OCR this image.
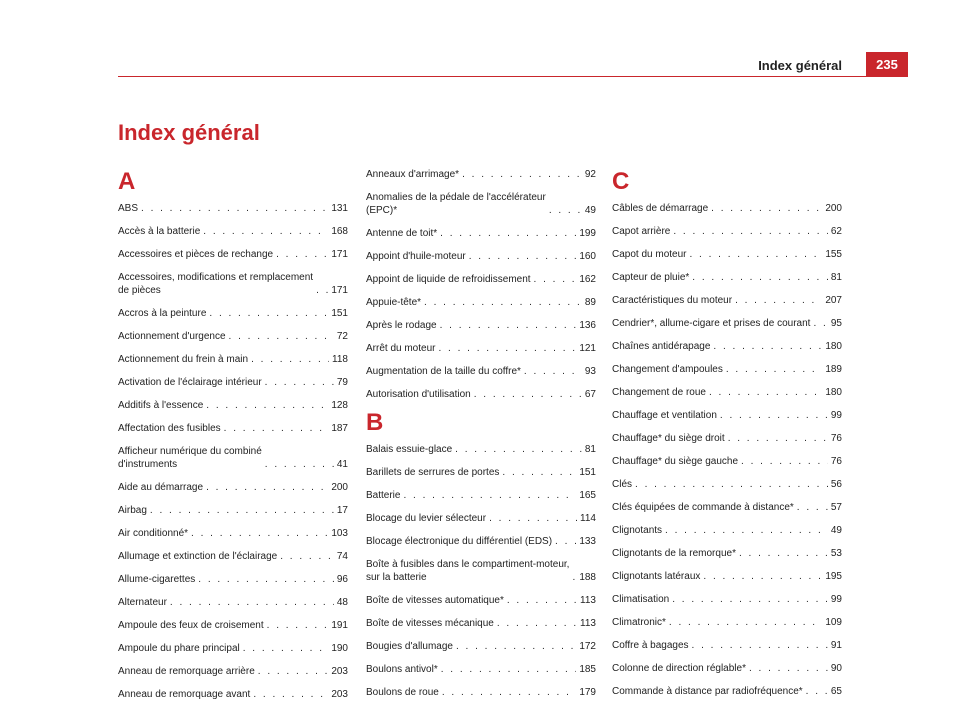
Index général	235
Index général
A
ABS . . .	131
Accès à la batterie . . .	168
Accessoires et pièces de rechange . . .	171
Accessoires, modifications et remplacement
de pièces . . .	171
Accros à la peinture . . .	151
Actionnement d'urgence . . .	72
Actionnement du frein à main . . .	118
Activation de l'éclairage intérieur . . .	79
Additifs à l'essence . . .	128
Affectation des fusibles . . .	187
Afficheur numérique du combiné
d'instruments . . .	41
Aide au démarrage . . .	200
Airbag . . .	17
Air conditionné* . . .	103
Allumage et extinction de l'éclairage . . .	74
Allume-cigarettes . . .	96
Alternateur . . .	48
Ampoule des feux de croisement . . .	191
Ampoule du phare principal . . .	190
Anneau de remorquage arrière . . .	203
Anneau de remorquage avant . . .	203
Anneaux d'arrimage* . . .	92
Anomalies de la pédale de l'accélérateur
(EPC)* . . .	49
Antenne de toit* . . .	199
Appoint d'huile-moteur . . .	160
Appoint de liquide de refroidissement . . .	162
Appuie-tête* . . .	89
Après le rodage . . .	136
Arrêt du moteur . . .	121
Augmentation de la taille du coffre* . . .	93
Autorisation d'utilisation . . .	67
B
Balais essuie-glace . . .	81
Barillets de serrures de portes . . .	151
Batterie . . .	165
Blocage du levier sélecteur . . .	114
Blocage électronique du différentiel (EDS) . . .	133
Boîte à fusibles dans le compartiment-moteur,
sur la batterie . . .	188
Boîte de vitesses automatique* . . .	113
Boîte de vitesses mécanique . . .	113
Bougies d'allumage . . .	172
Boulons antivol* . . .	185
Boulons de roue . . .	179
C
Câbles de démarrage . . .	200
Capot arrière . . .	62
Capot du moteur . . .	155
Capteur de pluie* . . .	81
Caractéristiques du moteur . . .	207
Cendrier*, allume-cigare et prises de courant . . . 95
Chaînes antidérapage . . .	180
Changement d'ampoules . . .	189
Changement de roue . . .	180
Chauffage et ventilation . . .	99
Chauffage* du siège droit . . .	76
Chauffage* du siège gauche . . .	76
Clés . . .	56
Clés équipées de commande à distance* . . .	57
Clignotants . . .	49
Clignotants de la remorque* . . .	53
Clignotants latéraux . . .	195
Climatisation . . .	99
Climatronic* . . .	109
Coffre à bagages . . .	91
Colonne de direction réglable* . . .	90
Commande à distance par radiofréquence* . . .	65
